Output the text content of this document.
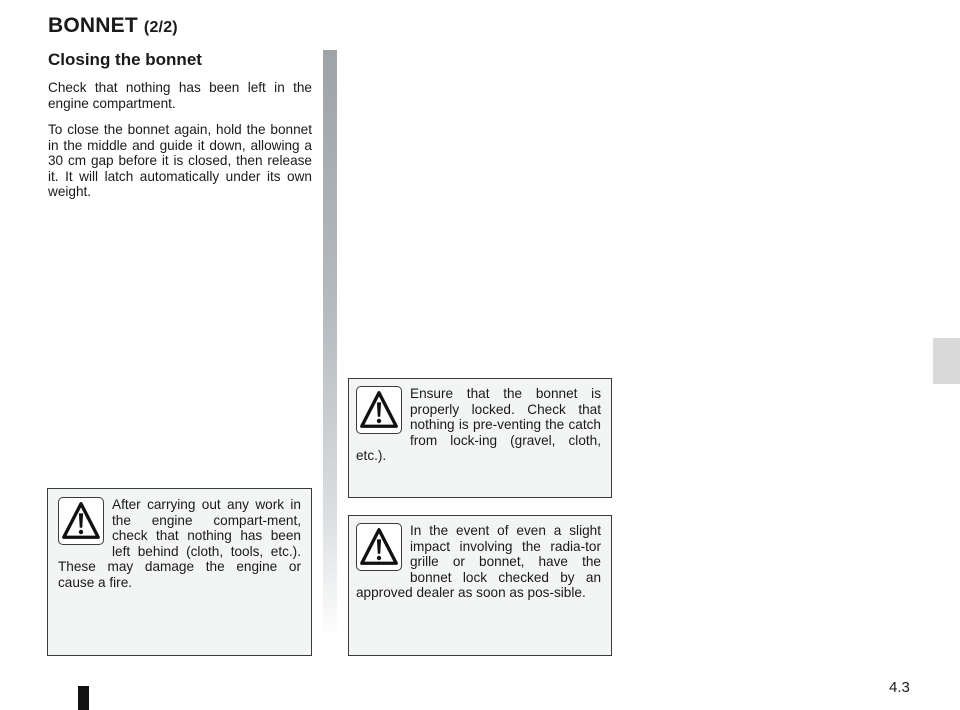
BONNET (2/2)
Closing the bonnet

Check that nothing has been left in the engine compartment.

To close the bonnet again, hold the bonnet in the middle and guide it down, allowing a 30 cm gap before it is closed, then release it. It will latch automatically under its own weight.

After carrying out any work in the engine compart-ment, check that nothing has been left behind (cloth, tools, etc.). These may damage the engine or cause a fire.

Ensure that the bonnet is properly locked. Check that nothing is pre-venting the catch from lock-ing (gravel, cloth, etc.).

In the event of even a slight impact involving the radia-tor grille or bonnet, have the bonnet lock checked by an approved dealer as soon as pos-sible.

4.3
